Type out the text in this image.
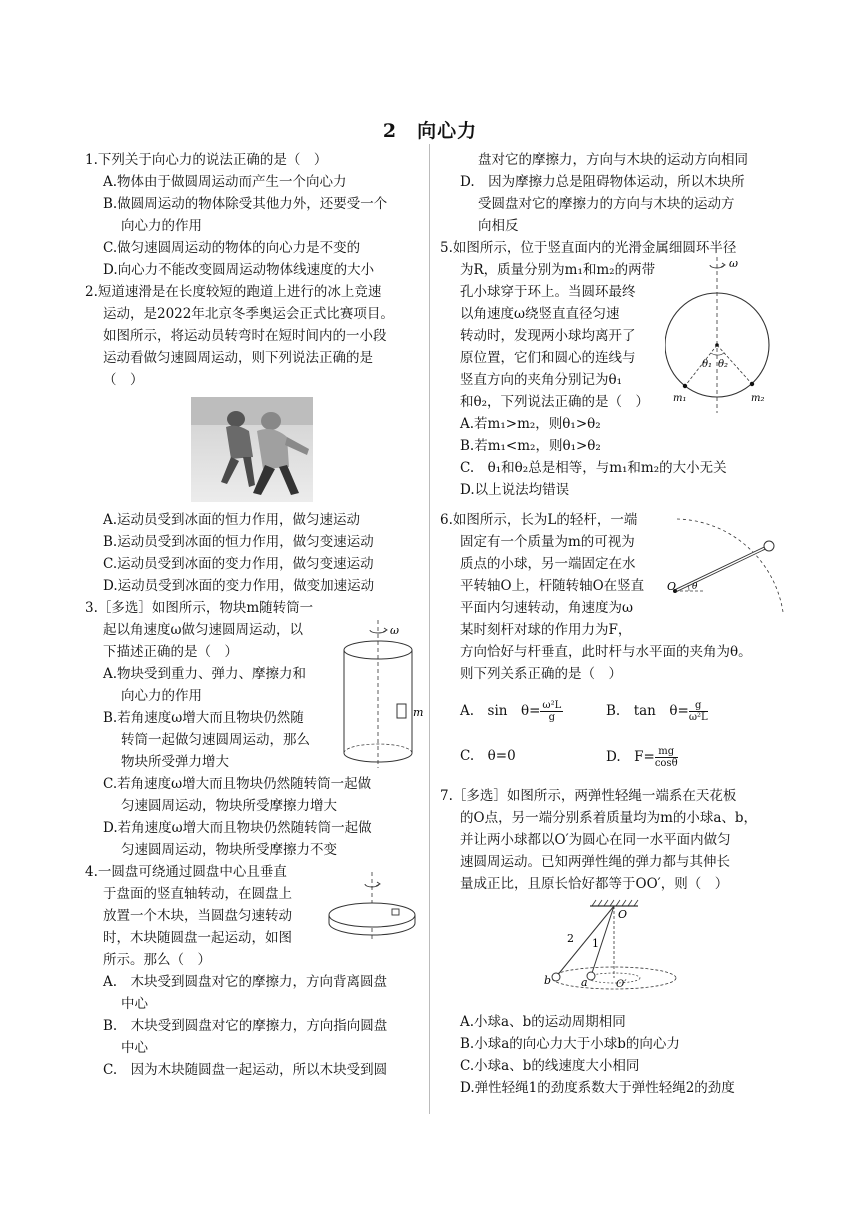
2　向心力
1.下列关于向心力的说法正确的是（　）
A.物体由于做圆周运动而产生一个向心力
B.做圆周运动的物体除受其他力外，还要受一个
向心力的作用
C.做匀速圆周运动的物体的向心力是不变的
D.向心力不能改变圆周运动物体线速度的大小
2.短道速滑是在长度较短的跑道上进行的冰上竞速
运动，是2022年北京冬季奥运会正式比赛项目。
如图所示，将运动员转弯时在短时间内的一小段
运动看做匀速圆周运动，则下列说法正确的是
（　）
A.运动员受到冰面的恒力作用，做匀速运动
B.运动员受到冰面的恒力作用，做匀变速运动
C.运动员受到冰面的变力作用，做匀变速运动
D.运动员受到冰面的变力作用，做变加速运动
3.［多选］如图所示，物块m随转筒一
起以角速度ω做匀速圆周运动，以
下描述正确的是（　）
A.物块受到重力、弹力、摩擦力和
向心力的作用
B.若角速度ω增大而且物块仍然随
转筒一起做匀速圆周运动，那么
物块所受弹力增大
C.若角速度ω增大而且物块仍然随转筒一起做
匀速圆周运动，物块所受摩擦力增大
D.若角速度ω增大而且物块仍然随转筒一起做
匀速圆周运动，物块所受摩擦力不变
ω
m
4.一圆盘可绕通过圆盘中心且垂直
于盘面的竖直轴转动，在圆盘上
放置一个木块，当圆盘匀速转动
时，木块随圆盘一起运动，如图
所示。那么（　）
A.　木块受到圆盘对它的摩擦力，方向背离圆盘
中心
B.　木块受到圆盘对它的摩擦力，方向指向圆盘
中心
C.　因为木块随圆盘一起运动，所以木块受到圆
盘对它的摩擦力，方向与木块的运动方向相同
D.　因为摩擦力总是阻碍物体运动，所以木块所
受圆盘对它的摩擦力的方向与木块的运动方
向相反
5.如图所示，位于竖直面内的光滑金属细圆环半径
为R，质量分别为m₁和m₂的两带
孔小球穿于环上。当圆环最终
以角速度ω绕竖直直径匀速
转动时，发现两小球均离开了
原位置，它们和圆心的连线与
竖直方向的夹角分别记为θ₁
和θ₂，下列说法正确的是（　）
A.若m₁>m₂，则θ₁>θ₂
B.若m₁<m₂，则θ₁>θ₂
C.　θ₁和θ₂总是相等，与m₁和m₂的大小无关
D.以上说法均错误
ω
θ₁ θ₂
m₁	m₂
6.如图所示，长为L的轻杆，一端
固定有一个质量为m的可视为
质点的小球，另一端固定在水
平转轴O上，杆随转轴O在竖直
平面内匀速转动，角速度为ω
某时刻杆对球的作用力为F，
方向恰好与杆垂直，此时杆与水平面的夹角为θ。
则下列关系正确的是（　）
O θ
A.　sin　$\theta= \frac{\text{ω²L}}{g}$	B.　tan　$\theta= \frac{g}{\text{ω²L}}$
C.　θ=0	D.　$F= \frac{mg}{\cos\theta}$
7.［多选］如图所示，两弹性轻绳一端系在天花板
的O点，另一端分别系着质量均为m的小球a、b，
并让两小球都以O′为圆心在同一水平面内做匀
速圆周运动。已知两弹性绳的弹力都与其伸长
量成正比，且原长恰好都等于OO′，则（　）
O
2 1
b	a	O′
A.小球a、b的运动周期相同
B.小球a的向心力大于小球b的向心力
C.小球a、b的线速度大小相同
D.弹性轻绳1的劲度系数大于弹性轻绳2的劲度
